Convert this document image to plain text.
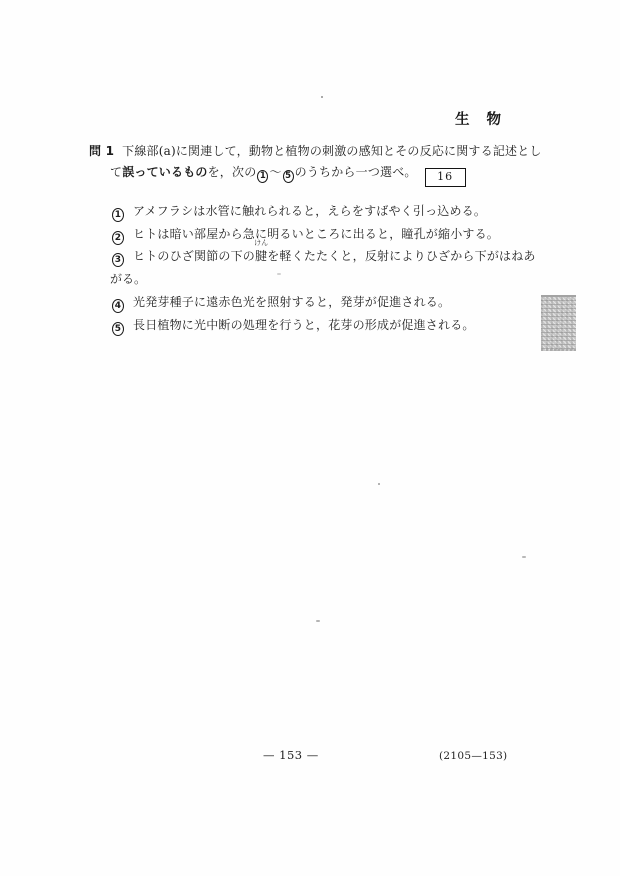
生 物
問 1 下線部(a)に関連して，動物と植物の刺激の感知とその反応に関する記述とし
て誤っているものを，次の 1 ～ 5 のうちから一つ選べ。 16
1 アメフラシは水管に触れられると，えらをすばやく引っ込める。
2 ヒトは暗い部屋から急に明るいところに出ると，瞳孔が縮小する。
3 ヒトのひざ関節の下の
けん
腱を軽くたたくと，反射によりひざから下がはねあ
がる。
4 光発芽種子に遠赤色光を照射すると，発芽が促進される。
5 長日植物に光中断の処理を行うと，花芽の形成が促進される。
— 153 —	(2105—153)
